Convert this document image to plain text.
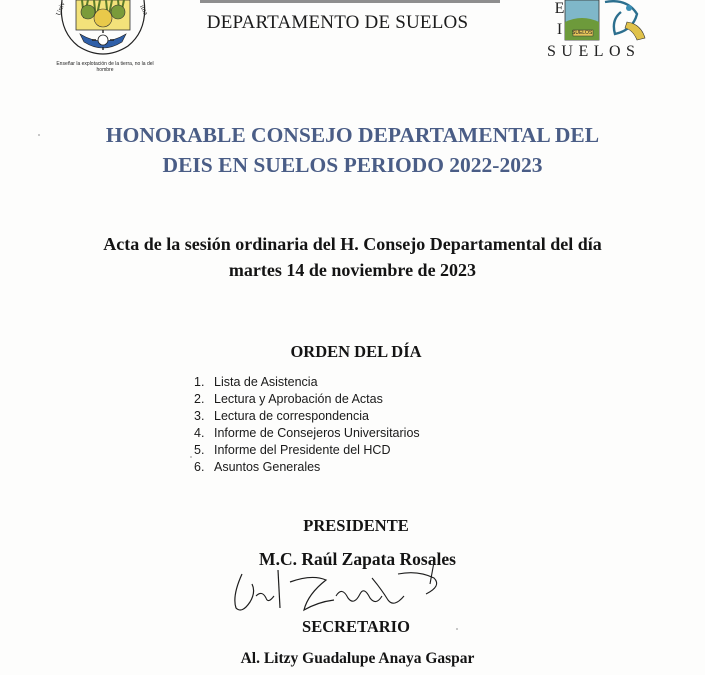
Univ	ima
Enseñar la explotación de la tierra, no la del hombre
DEPARTAMENTO DE SUELOS	EI SUELOS
SUELOS
HONORABLE CONSEJO DEPARTAMENTAL DEL
DEIS EN SUELOS PERIODO 2022-2023
Acta de la sesión ordinaria del H. Consejo Departamental del día
martes 14 de noviembre de 2023
ORDEN DEL DÍA
1. Lista de Asistencia
2. Lectura y Aprobación de Actas
3. Lectura de correspondencia
4. Informe de Consejeros Universitarios
5. Informe del Presidente del HCD
6. Asuntos Generales
PRESIDENTE
M.C. Raúl Zapata Rosales
SECRETARIO
Al. Litzy Guadalupe Anaya Gaspar
